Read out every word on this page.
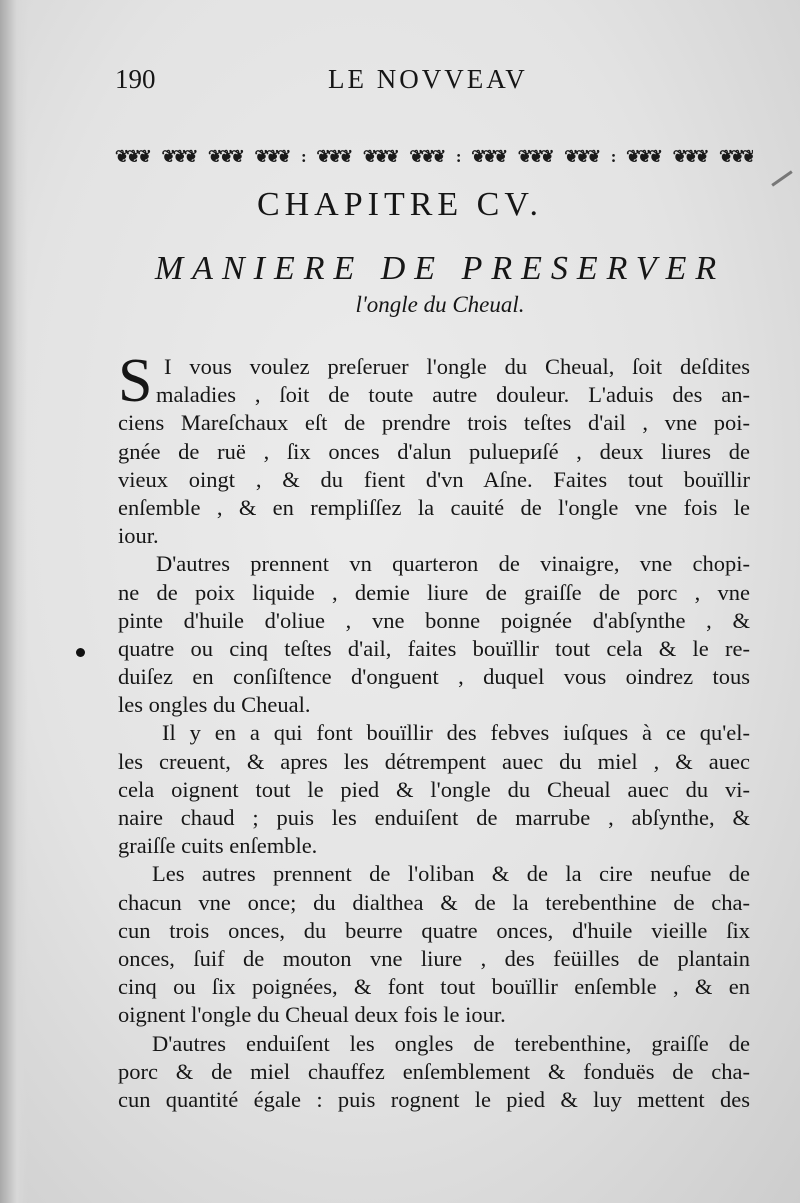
190	LE NOVVEAV
❦❦❦ ❦❦❦ ❦❦❦ ❦❦❦ : ❦❦❦ ❦❦❦ ❦❦❦ : ❦❦❦ ❦❦❦ ❦❦❦ : ❦❦❦ ❦❦❦ ❦❦❦
CHAPITRE CV.
MANIERE DE PRESERVER
l'ongle du Cheual.
S I vous voulez preſeruer l'ongle du Cheual, ſoit deſdites
maladies , ſoit de toute autre douleur. L'aduis des an-
ciens Mareſchaux eſt de prendre trois teſtes d'ail , vne poi-
gnée de ruë , ſix onces d'alun puluериſé , deux liures de
vieux oingt , & du fient d'vn Aſne. Faites tout bouïllir
enſemble , & en rempliſſez la cauité de l'ongle vne fois le
iour.
D'autres prennent vn quarteron de vinaigre, vne chopi-
ne de poix liquide , demie liure de graiſſe de porc , vne
pinte d'huile d'oliue , vne bonne poignée d'abſynthe , &
quatre ou cinq teſtes d'ail, faites bouïllir tout cela & le re-
duiſez en conſiſtence d'onguent , duquel vous oindrez tous
les ongles du Cheual.
Il y en a qui font bouïllir des febves iuſques à ce qu'el-
les creuent, & apres les détrempent auec du miel , & auec
cela oignent tout le pied & l'ongle du Cheual auec du vi-
naire chaud ; puis les enduiſent de marrube , abſynthe, &
graiſſe cuits enſemble.
Les autres prennent de l'oliban & de la cire neufue de
chacun vne once; du dialthea & de la terebenthine de cha-
cun trois onces, du beurre quatre onces, d'huile vieille ſix
onces, ſuif de mouton vne liure , des feüilles de plantain
cinq ou ſix poignées, & font tout bouïllir enſemble , & en
oignent l'ongle du Cheual deux fois le iour.
D'autres enduiſent les ongles de terebenthine, graiſſe de
porc & de miel chauffez enſemblement & fonduës de cha-
cun quantité égale : puis rognent le pied & luy mettent des
